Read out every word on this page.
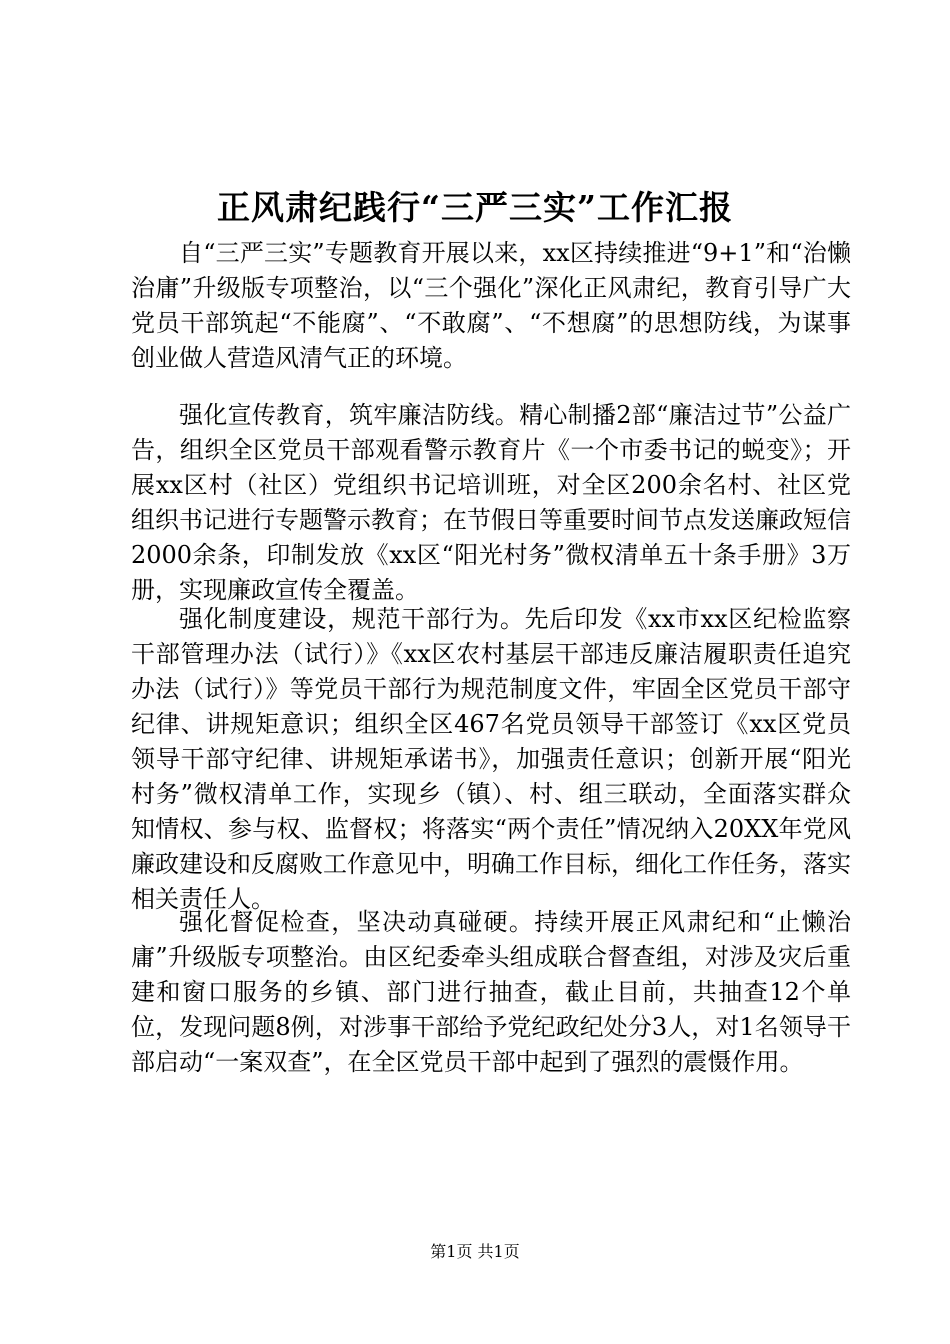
正风肃纪践行“三严三实”工作汇报

自“三严三实”专题教育开展以来，xx区持续推进“9+1”和“治懒治庸”升级版专项整治，以“三个强化”深化正风肃纪，教育引导广大党员干部筑起“不能腐”、“不敢腐”、“不想腐”的思想防线，为谋事创业做人营造风清气正的环境。

强化宣传教育，筑牢廉洁防线。精心制播2部“廉洁过节”公益广告，组织全区党员干部观看警示教育片《一个市委书记的蜕变》；开展xx区村（社区）党组织书记培训班，对全区200余名村、社区党组织书记进行专题警示教育；在节假日等重要时间节点发送廉政短信2000余条，印制发放《xx区“阳光村务”微权清单五十条手册》3万册，实现廉政宣传全覆盖。

强化制度建设，规范干部行为。先后印发《xx市xx区纪检监察干部管理办法（试行）》《xx区农村基层干部违反廉洁履职责任追究办法（试行）》等党员干部行为规范制度文件，牢固全区党员干部守纪律、讲规矩意识；组织全区467名党员领导干部签订《xx区党员领导干部守纪律、讲规矩承诺书》，加强责任意识；创新开展“阳光村务”微权清单工作，实现乡（镇）、村、组三联动，全面落实群众知情权、参与权、监督权；将落实“两个责任”情况纳入20XX年党风廉政建设和反腐败工作意见中，明确工作目标，细化工作任务，落实相关责任人。

强化督促检查，坚决动真碰硬。持续开展正风肃纪和“止懒治庸”升级版专项整治。由区纪委牵头组成联合督查组，对涉及灾后重建和窗口服务的乡镇、部门进行抽查，截止目前，共抽查12个单位，发现问题8例，对涉事干部给予党纪政纪处分3人，对1名领导干部启动“一案双查”，在全区党员干部中起到了强烈的震慑作用。

第1页 共1页
